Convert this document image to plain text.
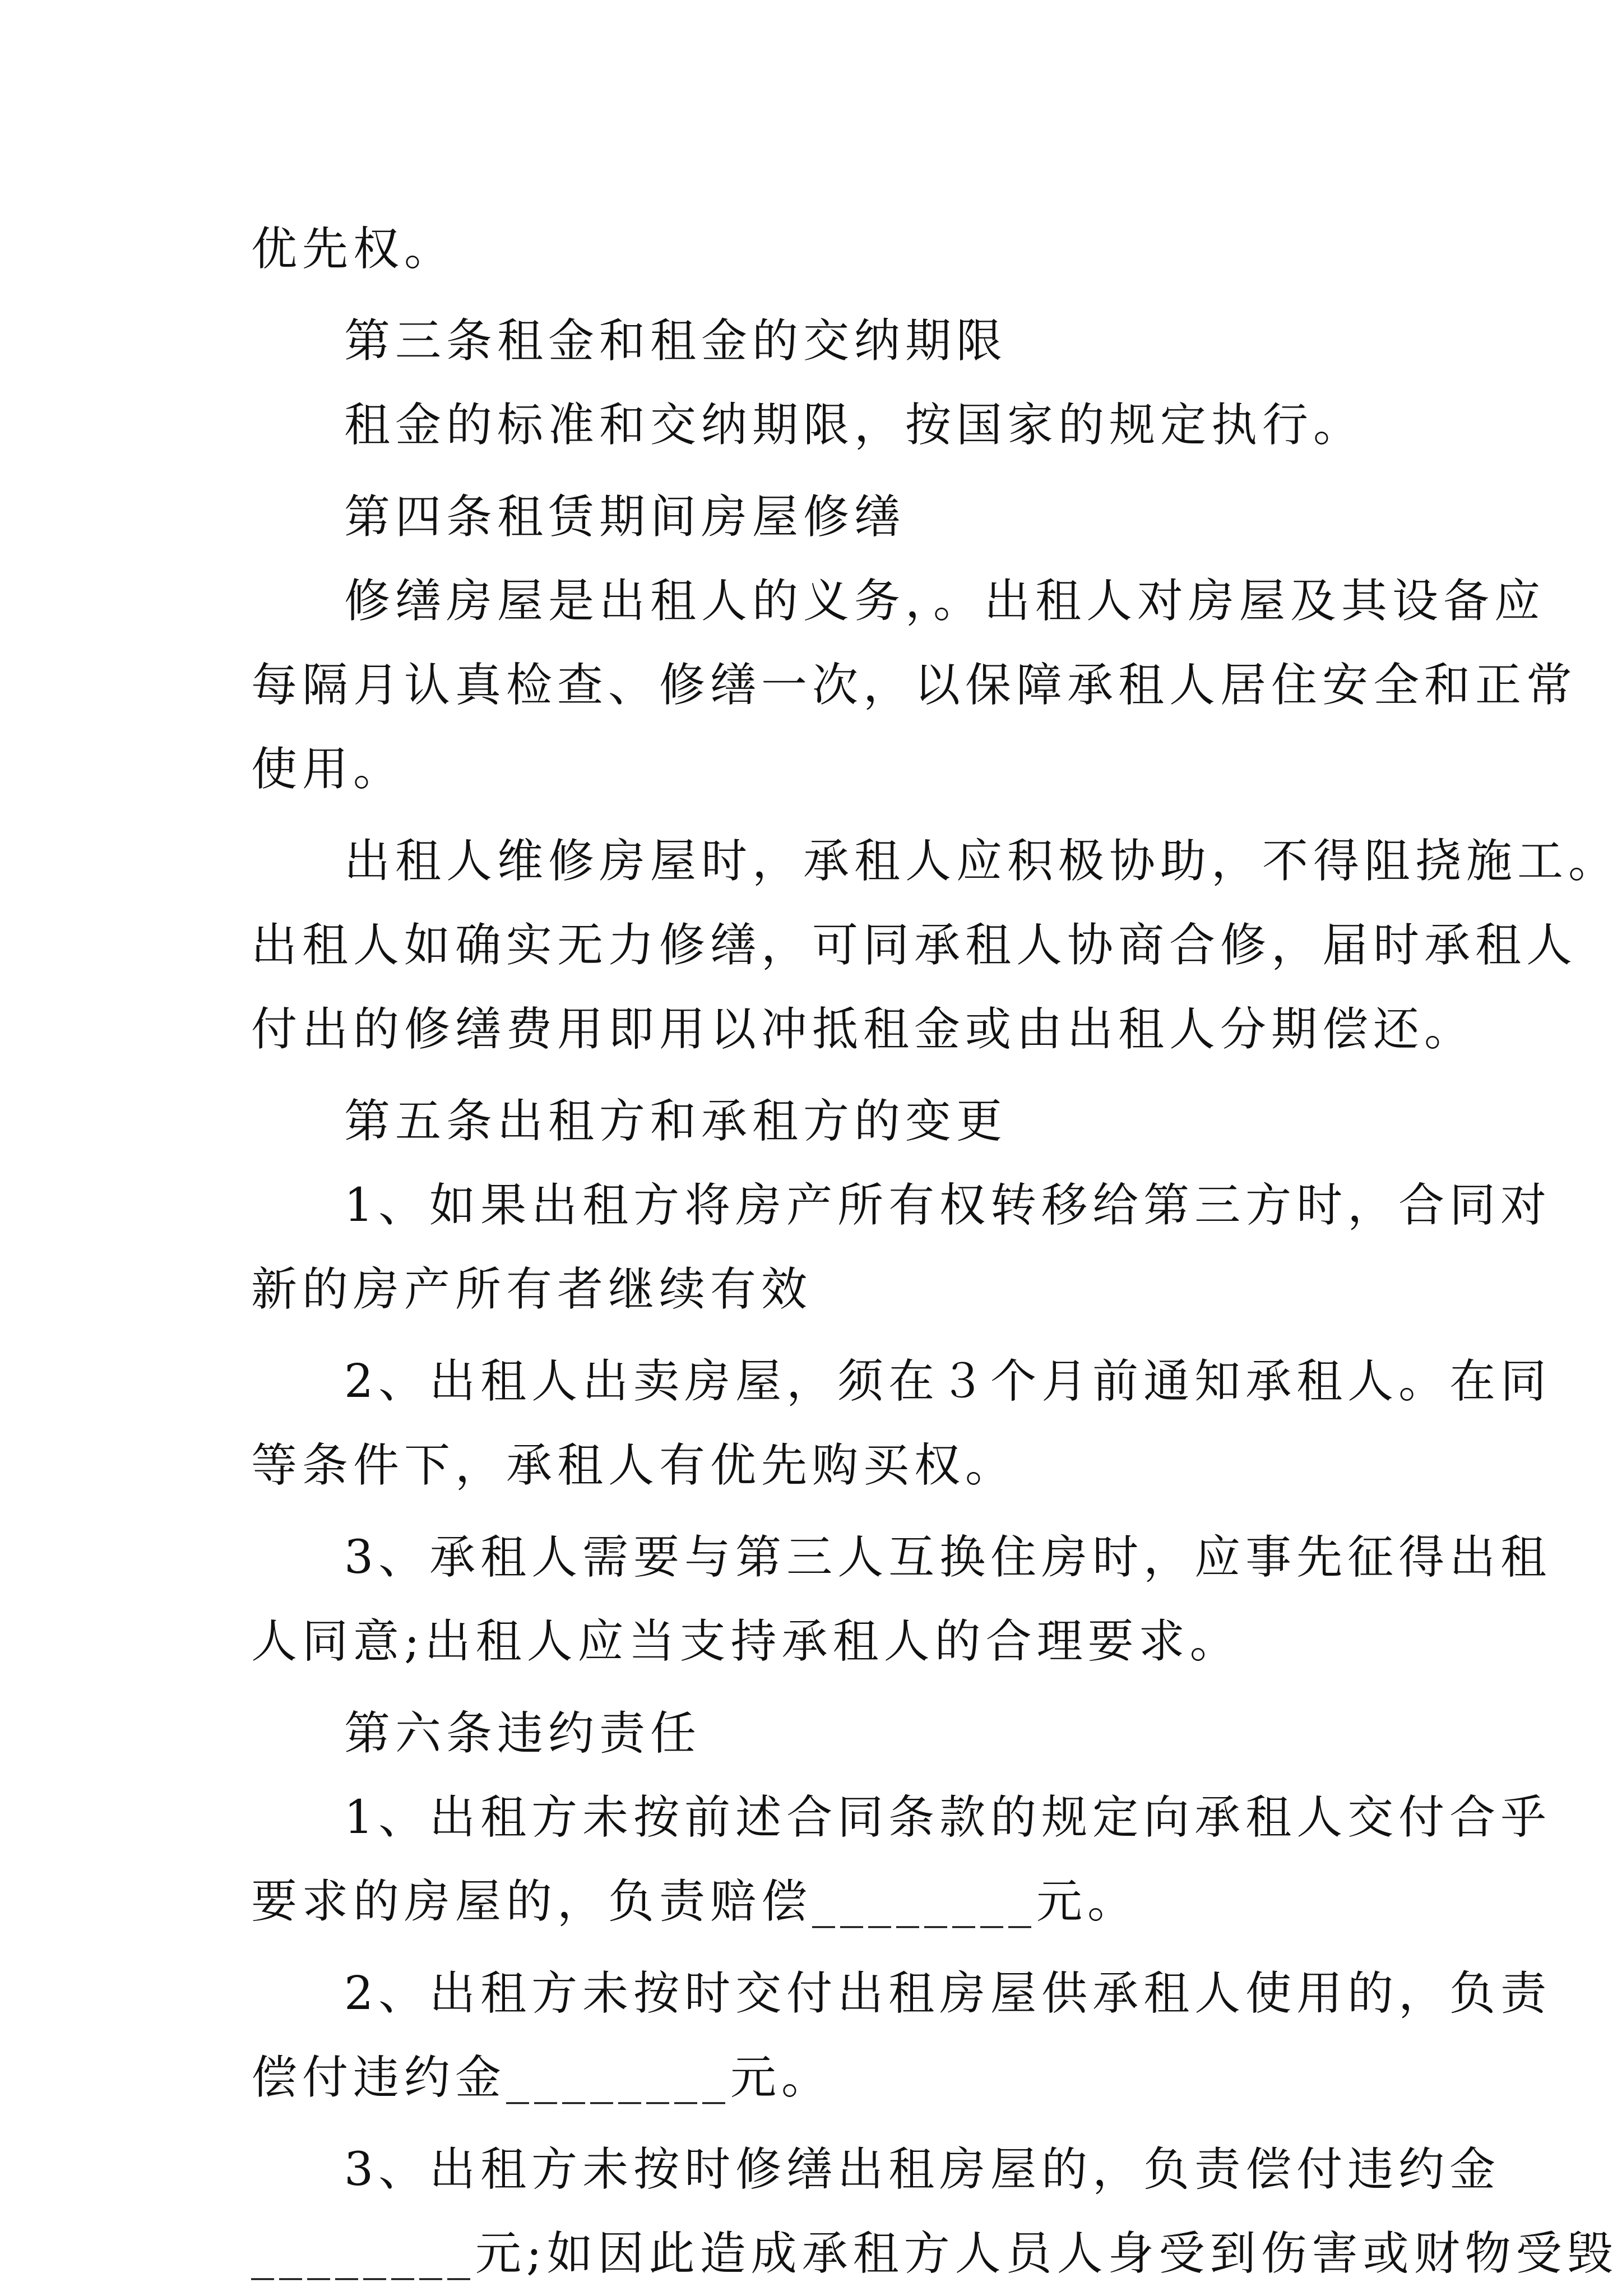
优先权。
第三条租金和租金的交纳期限
租金的标准和交纳期限，按国家的规定执行。
第四条租赁期间房屋修缮
修缮房屋是出租人的义务，。出租人对房屋及其设备应
每隔月认真检查、修缮一次，以保障承租人居住安全和正常
使用。
出租人维修房屋时，承租人应积极协助，不得阻挠施工。
出租人如确实无力修缮，可同承租人协商合修，届时承租人
付出的修缮费用即用以冲抵租金或由出租人分期偿还。
第五条出租方和承租方的变更
1、如果出租方将房产所有权转移给第三方时，合同对
新的房产所有者继续有效
2、出租人出卖房屋，须在３个月前通知承租人。在同
等条件下，承租人有优先购买权。
3、承租人需要与第三人互换住房时，应事先征得出租
人同意;出租人应当支持承租人的合理要求。
第六条违约责任
1、出租方未按前述合同条款的规定向承租人交付合乎
要求的房屋的，负责赔偿________元。
2、出租方未按时交付出租房屋供承租人使用的，负责
偿付违约金________元。
3、出租方未按时修缮出租房屋的，负责偿付违约金
________元;如因此造成承租方人员人身受到伤害或财物受毁
